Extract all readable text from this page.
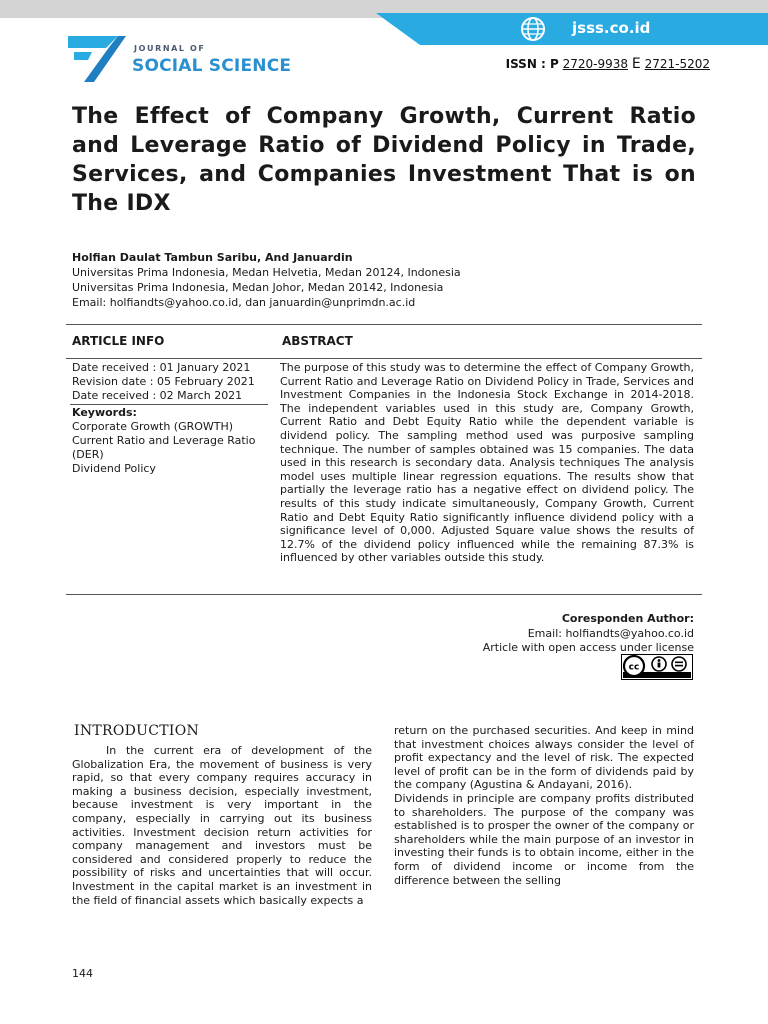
jsss.co.id
JOURNAL OF
SOCIAL SCIENCE	ISSN : P 2720-9938 E 2721-5202
The Effect of Company Growth, Current Ratio and Leverage Ratio of Dividend Policy in Trade, Services, and Companies Investment That is on The IDX
Holfian Daulat Tambun Saribu, And Januardin
Universitas Prima Indonesia, Medan Helvetia, Medan 20124, Indonesia
Universitas Prima Indonesia, Medan Johor, Medan 20142, Indonesia
Email: holfiandts@yahoo.co.id, dan januardin@unprimdn.ac.id
ARTICLE INFO	ABSTRACT
Date received : 01 January 2021
Revision date : 05 February 2021
Date received : 02 March 2021
Keywords:
Corporate Growth (GROWTH)
Current Ratio and Leverage Ratio (DER)
Dividend Policy
The purpose of this study was to determine the effect of Company Growth, Current Ratio and Leverage Ratio on Dividend Policy in Trade, Services and Investment Companies in the Indonesia Stock Exchange in 2014-2018. The independent variables used in this study are, Company Growth, Current Ratio and Debt Equity Ratio while the dependent variable is dividend policy. The sampling method used was purposive sampling technique. The number of samples obtained was 15 companies. The data used in this research is secondary data. Analysis techniques The analysis model uses multiple linear regression equations. The results show that partially the leverage ratio has a negative effect on dividend policy. The results of this study indicate simultaneously, Company Growth, Current Ratio and Debt Equity Ratio significantly influence dividend policy with a significance level of 0,000. Adjusted Square value shows the results of 12.7% of the dividend policy influenced while the remaining 87.3% is influenced by other variables outside this study.
Coresponden Author:
Email: holfiandts@yahoo.co.id
Article with open access under license
cc
INTRODUCTION

In the current era of development of the Globalization Era, the movement of business is very rapid, so that every company requires accuracy in making a business decision, especially investment, because investment is very important in the company, especially in carrying out its business activities. Investment decision return activities for company management and investors must be considered and considered properly to reduce the possibility of risks and uncertainties that will occur. Investment in the capital market is an investment in the field of financial assets which basically expects a

return on the purchased securities. And keep in mind that investment choices always consider the level of profit expectancy and the level of risk. The expected level of profit can be in the form of dividends paid by the company (Agustina & Andayani, 2016).

Dividends in principle are company profits distributed to shareholders. The purpose of the company was established is to prosper the owner of the company or shareholders while the main purpose of an investor in investing their funds is to obtain income, either in the form of dividend income or income from the difference between the selling

144
